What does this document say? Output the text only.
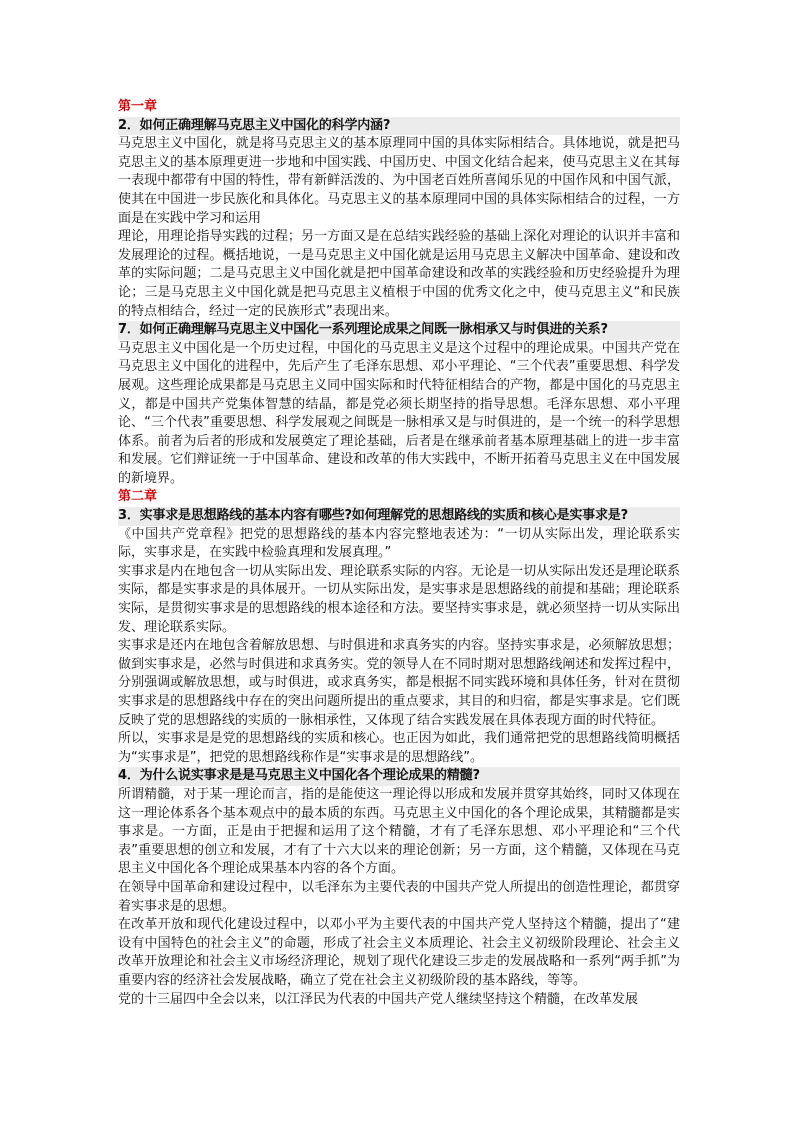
第一章

2．如何正确理解马克思主义中国化的科学内涵?

马克思主义中国化，就是将马克思主义的基本原理同中国的具体实际相结合。具体地说，就是把马克思主义的基本原理更进一步地和中国实践、中国历史、中国文化结合起来，使马克思主义在其每一表现中都带有中国的特性，带有新鲜活泼的、为中国老百姓所喜闻乐见的中国作风和中国气派，使其在中国进一步民族化和具体化。马克思主义的基本原理同中国的具体实际相结合的过程，一方面是在实践中学习和运用

理论，用理论指导实践的过程；另一方面又是在总结实践经验的基础上深化对理论的认识并丰富和发展理论的过程。概括地说，一是马克思主义中国化就是运用马克思主义解决中国革命、建设和改革的实际问题；二是马克思主义中国化就是把中国革命建设和改革的实践经验和历史经验提升为理论；三是马克思主义中国化就是把马克思主义植根于中国的优秀文化之中，使马克思主义“和民族的特点相结合，经过一定的民族形式”表现出来。

7．如何正确理解马克思主义中国化一系列理论成果之间既一脉相承又与时俱进的关系?

马克思主义中国化是一个历史过程，中国化的马克思主义是这个过程中的理论成果。中国共产党在马克思主义中国化的进程中，先后产生了毛泽东思想、邓小平理论、“三个代表”重要思想、科学发展观。这些理论成果都是马克思主义同中国实际和时代特征相结合的产物，都是中国化的马克思主义，都是中国共产党集体智慧的结晶，都是党必须长期坚持的指导思想。毛泽东思想、邓小平理论、“三个代表”重要思想、科学发展观之间既是一脉相承又是与时俱进的，是一个统一的科学思想体系。前者为后者的形成和发展奠定了理论基础，后者是在继承前者基本原理基础上的进一步丰富和发展。它们辩证统一于中国革命、建设和改革的伟大实践中，不断开拓着马克思主义在中国发展的新境界。

第二章

3．实事求是思想路线的基本内容有哪些?如何理解党的思想路线的实质和核心是实事求是?

《中国共产党章程》把党的思想路线的基本内容完整地表述为：“一切从实际出发，理论联系实际，实事求是，在实践中检验真理和发展真理。”

实事求是内在地包含一切从实际出发、理论联系实际的内容。无论是一切从实际出发还是理论联系实际，都是实事求是的具体展开。一切从实际出发，是实事求是思想路线的前提和基础；理论联系实际，是贯彻实事求是的思想路线的根本途径和方法。要坚持实事求是，就必须坚持一切从实际出发、理论联系实际。

实事求是还内在地包含着解放思想、与时俱进和求真务实的内容。坚持实事求是，必须解放思想；做到实事求是，必然与时俱进和求真务实。党的领导人在不同时期对思想路线阐述和发挥过程中，分别强调或解放思想，或与时俱进，或求真务实，都是根据不同实践环境和具体任务，针对在贯彻实事求是的思想路线中存在的突出问题所提出的重点要求，其目的和归宿，都是实事求是。它们既反映了党的思想路线的实质的一脉相承性，又体现了结合实践发展在具体表现方面的时代特征。

所以，实事求是是党的思想路线的实质和核心。也正因为如此，我们通常把党的思想路线简明概括为“实事求是”，把党的思想路线称作是“实事求是的思想路线”。

4．为什么说实事求是是马克思主义中国化各个理论成果的精髓?

所谓精髓，对于某一理论而言，指的是能使这一理论得以形成和发展并贯穿其始终，同时又体现在这一理论体系各个基本观点中的最本质的东西。马克思主义中国化的各个理论成果，其精髓都是实事求是。一方面，正是由于把握和运用了这个精髓，才有了毛泽东思想、邓小平理论和“三个代表”重要思想的创立和发展，才有了十六大以来的理论创新；另一方面，这个精髓，又体现在马克思主义中国化各个理论成果基本内容的各个方面。

在领导中国革命和建设过程中，以毛泽东为主要代表的中国共产党人所提出的创造性理论，都贯穿着实事求是的思想。

在改革开放和现代化建设过程中，以邓小平为主要代表的中国共产党人坚持这个精髓，提出了“建设有中国特色的社会主义”的命题，形成了社会主义本质理论、社会主义初级阶段理论、社会主义改革开放理论和社会主义市场经济理论，规划了现代化建设三步走的发展战略和一系列“两手抓”为重要内容的经济社会发展战略，确立了党在社会主义初级阶段的基本路线，等等。

党的十三届四中全会以来，以江泽民为代表的中国共产党人继续坚持这个精髓，在改革发展
